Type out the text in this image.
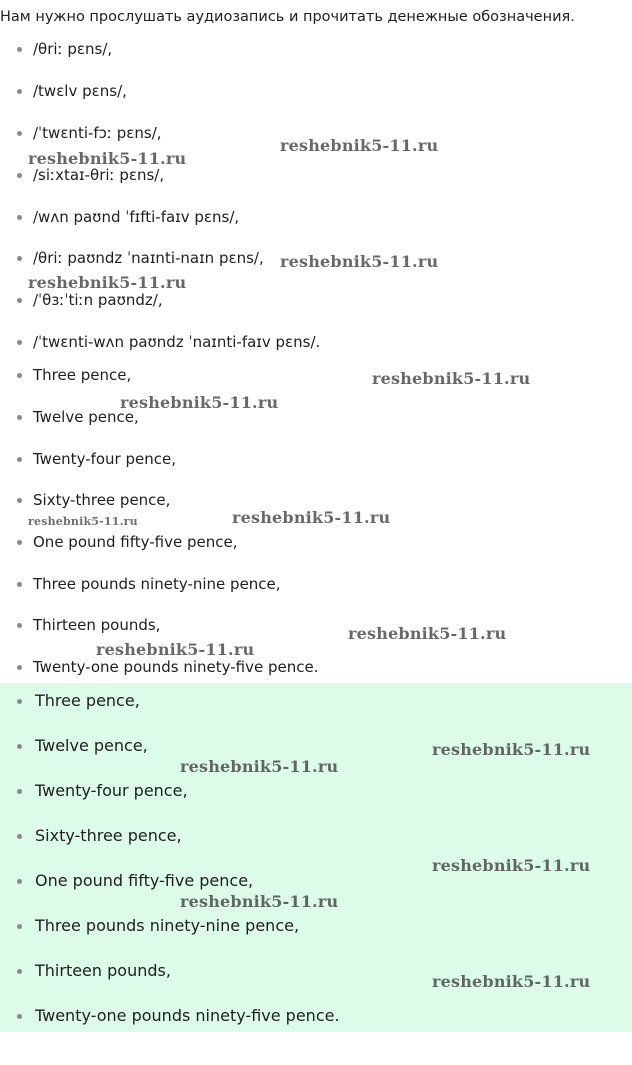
Нам нужно прослушать аудиозапись и прочитать денежные обозначения.
/θriː pɛns/,
/twɛlv pɛns/,
/ˈtwɛnti-fɔː pɛns/,
/siːxtaɪ-θriː pɛns/,
/wʌn paʊnd ˈfɪfti-faɪv pɛns/,
/θriː paʊndz ˈnaɪnti-naɪn pɛns/,
/ˈθɜːˈtiːn paʊndz/,
/ˈtwɛnti-wʌn paʊndz ˈnaɪnti-faɪv pɛns/.
Three pence,
Twelve pence,
Twenty-four pence,
Sixty-three pence,
One pound fifty-five pence,
Three pounds ninety-nine pence,
Thirteen pounds,
Twenty-one pounds ninety-five pence.
Three pence,
Twelve pence,
Twenty-four pence,
Sixty-three pence,
One pound fifty-five pence,
Three pounds ninety-nine pence,
Thirteen pounds,
Twenty-one pounds ninety-five pence.
reshebnik5-11.ru
reshebnik5-11.ru
reshebnik5-11.ru
reshebnik5-11.ru
reshebnik5-11.ru
reshebnik5-11.ru
reshebnik5-11.ru	reshebnik5-11.ru
reshebnik5-11.ru
reshebnik5-11.ru
reshebnik5-11.ru
reshebnik5-11.ru
reshebnik5-11.ru
reshebnik5-11.ru
reshebnik5-11.ru
